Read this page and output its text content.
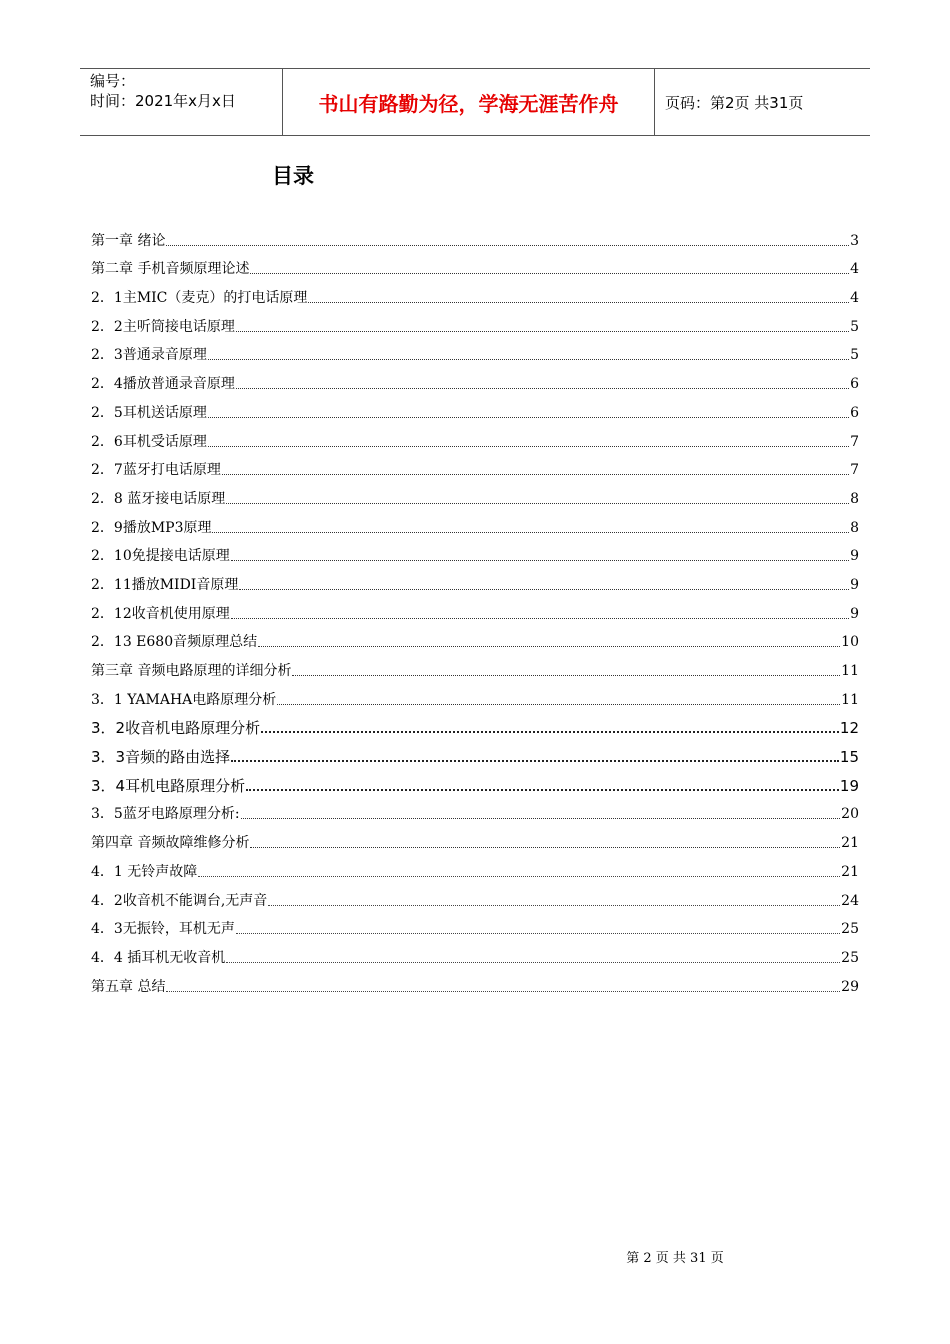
编号：
时间：2021年x月x日	书山有路勤为径，学海无涯苦作舟	页码：第2页 共31页
目录
第一章 绪论	3
第二章 手机音频原理论述	4
2．1主MIC（麦克）的打电话原理	4
2．2主听筒接电话原理	5
2．3普通录音原理	5
2．4播放普通录音原理	6
2．5耳机送话原理	6
2．6耳机受话原理	7
2．7蓝牙打电话原理	7
2．8 蓝牙接电话原理	8
2．9播放MP3原理	8
2．10免提接电话原理	9
2．11播放MIDI音原理	9
2．12收音机使用原理	9
2．13 E680音频原理总结	10
第三章 音频电路原理的详细分析	11
3．1 YAMAHA电路原理分析	11
3．2收音机电路原理分析	12
3．3音频的路由选择	15
3．4耳机电路原理分析	19
3．5蓝牙电路原理分析:	20
第四章 音频故障维修分析	21
4．1 无铃声故障	21
4．2收音机不能调台,无声音	24
4．3无振铃，耳机无声	25
4．4 插耳机无收音机	25
第五章 总结	29
第 2 页 共 31 页
